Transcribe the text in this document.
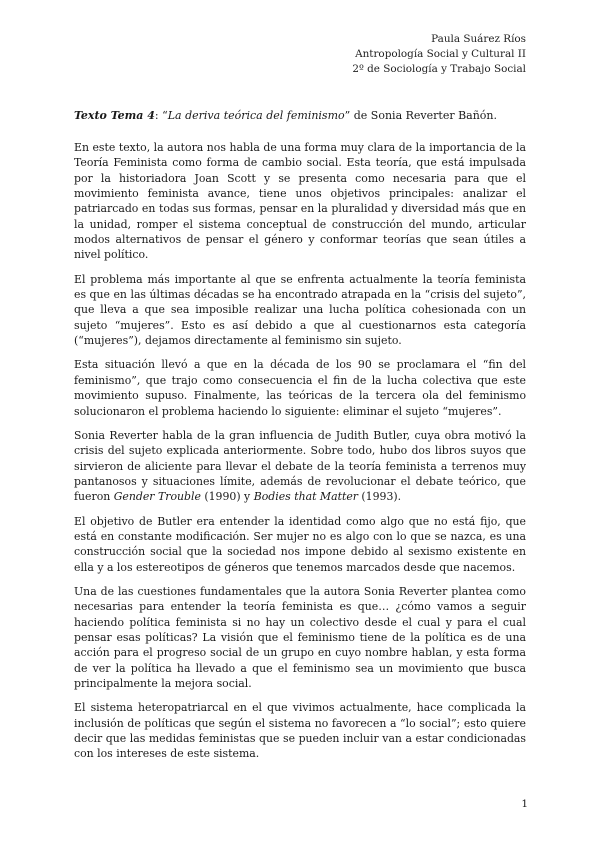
Paula Suárez Ríos
Antropología Social y Cultural II
2º de Sociología y Trabajo Social
Texto Tema 4: “La deriva teórica del feminismo” de Sonia Reverter Bañón.

En este texto, la autora nos habla de una forma muy clara de la importancia de la Teoría Feminista como forma de cambio social. Esta teoría, que está impulsada por la historiadora Joan Scott y se presenta como necesaria para que el movimiento feminista avance, tiene unos objetivos principales: analizar el patriarcado en todas sus formas, pensar en la pluralidad y diversidad más que en la unidad, romper el sistema conceptual de construcción del mundo, articular modos alternativos de pensar el género y conformar teorías que sean útiles a nivel político.

El problema más importante al que se enfrenta actualmente la teoría feminista es que en las últimas décadas se ha encontrado atrapada en la “crisis del sujeto”, que lleva a que sea imposible realizar una lucha política cohesionada con un sujeto “mujeres”. Esto es así debido a que al cuestionarnos esta categoría (“mujeres”), dejamos directamente al feminismo sin sujeto.

Esta situación llevó a que en la década de los 90 se proclamara el “fin del feminismo”, que trajo como consecuencia el fin de la lucha colectiva que este movimiento supuso. Finalmente, las teóricas de la tercera ola del feminismo solucionaron el problema haciendo lo siguiente: eliminar el sujeto “mujeres”.

Sonia Reverter habla de la gran influencia de Judith Butler, cuya obra motivó la crisis del sujeto explicada anteriormente. Sobre todo, hubo dos libros suyos que sirvieron de aliciente para llevar el debate de la teoría feminista a terrenos muy pantanosos y situaciones límite, además de revolucionar el debate teórico, que fueron Gender Trouble (1990) y Bodies that Matter (1993).

El objetivo de Butler era entender la identidad como algo que no está fijo, que está en constante modificación. Ser mujer no es algo con lo que se nazca, es una construcción social que la sociedad nos impone debido al sexismo existente en ella y a los estereotipos de géneros que tenemos marcados desde que nacemos.

Una de las cuestiones fundamentales que la autora Sonia Reverter plantea como necesarias para entender la teoría feminista es que… ¿cómo vamos a seguir haciendo política feminista si no hay un colectivo desde el cual y para el cual pensar esas políticas? La visión que el feminismo tiene de la política es de una acción para el progreso social de un grupo en cuyo nombre hablan, y esta forma de ver la política ha llevado a que el feminismo sea un movimiento que busca principalmente la mejora social.

El sistema heteropatriarcal en el que vivimos actualmente, hace complicada la inclusión de políticas que según el sistema no favorecen a “lo social”; esto quiere decir que las medidas feministas que se pueden incluir van a estar condicionadas con los intereses de este sistema.

1
